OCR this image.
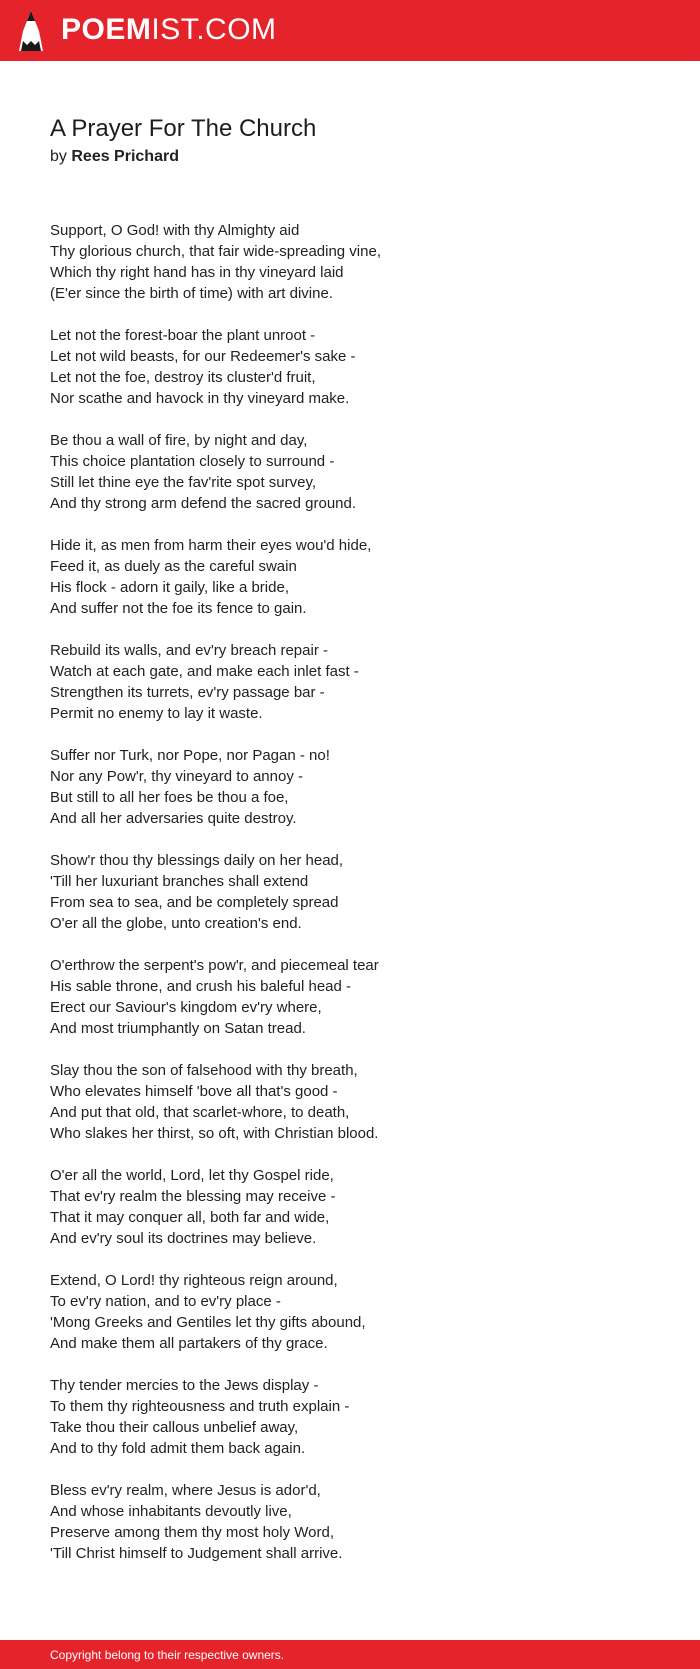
POEMIST.COM
A Prayer For The Church
by Rees Prichard
Support, O God! with thy Almighty aid
Thy glorious church, that fair wide-spreading vine,
Which thy right hand has in thy vineyard laid
(E'er since the birth of time) with art divine.
Let not the forest-boar the plant unroot -
Let not wild beasts, for our Redeemer's sake -
Let not the foe, destroy its cluster'd fruit,
Nor scathe and havock in thy vineyard make.
Be thou a wall of fire, by night and day,
This choice plantation closely to surround -
Still let thine eye the fav'rite spot survey,
And thy strong arm defend the sacred ground.
Hide it, as men from harm their eyes wou'd hide,
Feed it, as duely as the careful swain
His flock - adorn it gaily, like a bride,
And suffer not the foe its fence to gain.
Rebuild its walls, and ev'ry breach repair -
Watch at each gate, and make each inlet fast -
Strengthen its turrets, ev'ry passage bar -
Permit no enemy to lay it waste.
Suffer nor Turk, nor Pope, nor Pagan - no!
Nor any Pow'r, thy vineyard to annoy -
But still to all her foes be thou a foe,
And all her adversaries quite destroy.
Show'r thou thy blessings daily on her head,
'Till her luxuriant branches shall extend
From sea to sea, and be completely spread
O'er all the globe, unto creation's end.
O'erthrow the serpent's pow'r, and piecemeal tear
His sable throne, and crush his baleful head -
Erect our Saviour's kingdom ev'ry where,
And most triumphantly on Satan tread.
Slay thou the son of falsehood with thy breath,
Who elevates himself 'bove all that's good -
And put that old, that scarlet-whore, to death,
Who slakes her thirst, so oft, with Christian blood.
O'er all the world, Lord, let thy Gospel ride,
That ev'ry realm the blessing may receive -
That it may conquer all, both far and wide,
And ev'ry soul its doctrines may believe.
Extend, O Lord! thy righteous reign around,
To ev'ry nation, and to ev'ry place -
'Mong Greeks and Gentiles let thy gifts abound,
And make them all partakers of thy grace.
Thy tender mercies to the Jews display -
To them thy righteousness and truth explain -
Take thou their callous unbelief away,
And to thy fold admit them back again.
Bless ev'ry realm, where Jesus is ador'd,
And whose inhabitants devoutly live,
Preserve among them thy most holy Word,
'Till Christ himself to Judgement shall arrive.
Copyright belong to their respective owners.
